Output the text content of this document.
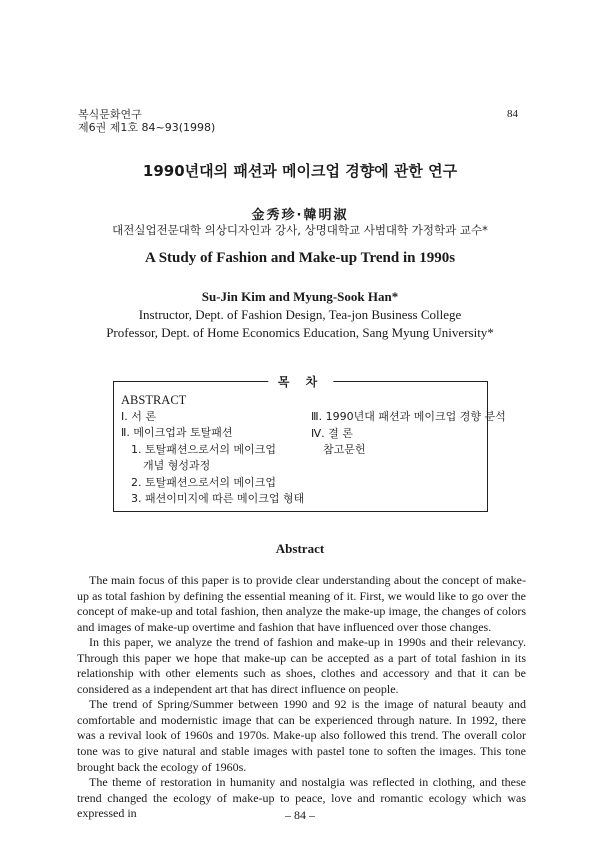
복식문화연구
제6권 제1호 84~93(1998)
84
1990년대의 패션과 메이크업 경향에 관한 연구
金秀珍·韓明淑
대전실업전문대학 의상디자인과 강사, 상명대학교 사범대학 가정학과 교수*
A Study of Fashion and Make-up Trend in 1990s
Su-Jin Kim and Myung-Sook Han*
Instructor, Dept. of Fashion Design, Tea-jon Business College
Professor, Dept. of Home Economics Education, Sang Myung University*
목 차
ABSTRACT
Ⅰ. 서 론
Ⅱ. 메이크업과 토탈패션
1. 토탈패션으로서의 메이크업
개념 형성과정
2. 토탈패션으로서의 메이크업
3. 패션이미지에 따른 메이크업 형태
Ⅲ. 1990년대 패션과 메이크업 경향 분석
Ⅳ. 결 론
참고문헌
Abstract

The main focus of this paper is to provide clear understanding about the concept of make-up as total fashion by defining the essential meaning of it. First, we would like to go over the concept of make-up and total fashion, then analyze the make-up image, the changes of colors and images of make-up overtime and fashion that have influenced over those changes.

In this paper, we analyze the trend of fashion and make-up in 1990s and their relevancy. Through this paper we hope that make-up can be accepted as a part of total fashion in its relationship with other elements such as shoes, clothes and accessory and that it can be considered as a independent art that has direct influence on people.

The trend of Spring/Summer between 1990 and 92 is the image of natural beauty and comfortable and modernistic image that can be experienced through nature. In 1992, there was a revival look of 1960s and 1970s. Make-up also followed this trend. The overall color tone was to give natural and stable images with pastel tone to soften the images. This tone brought back the ecology of 1960s.

The theme of restoration in humanity and nostalgia was reflected in clothing, and these trend changed the ecology of make-up to peace, love and romantic ecology which was expressed in	– 84 –
